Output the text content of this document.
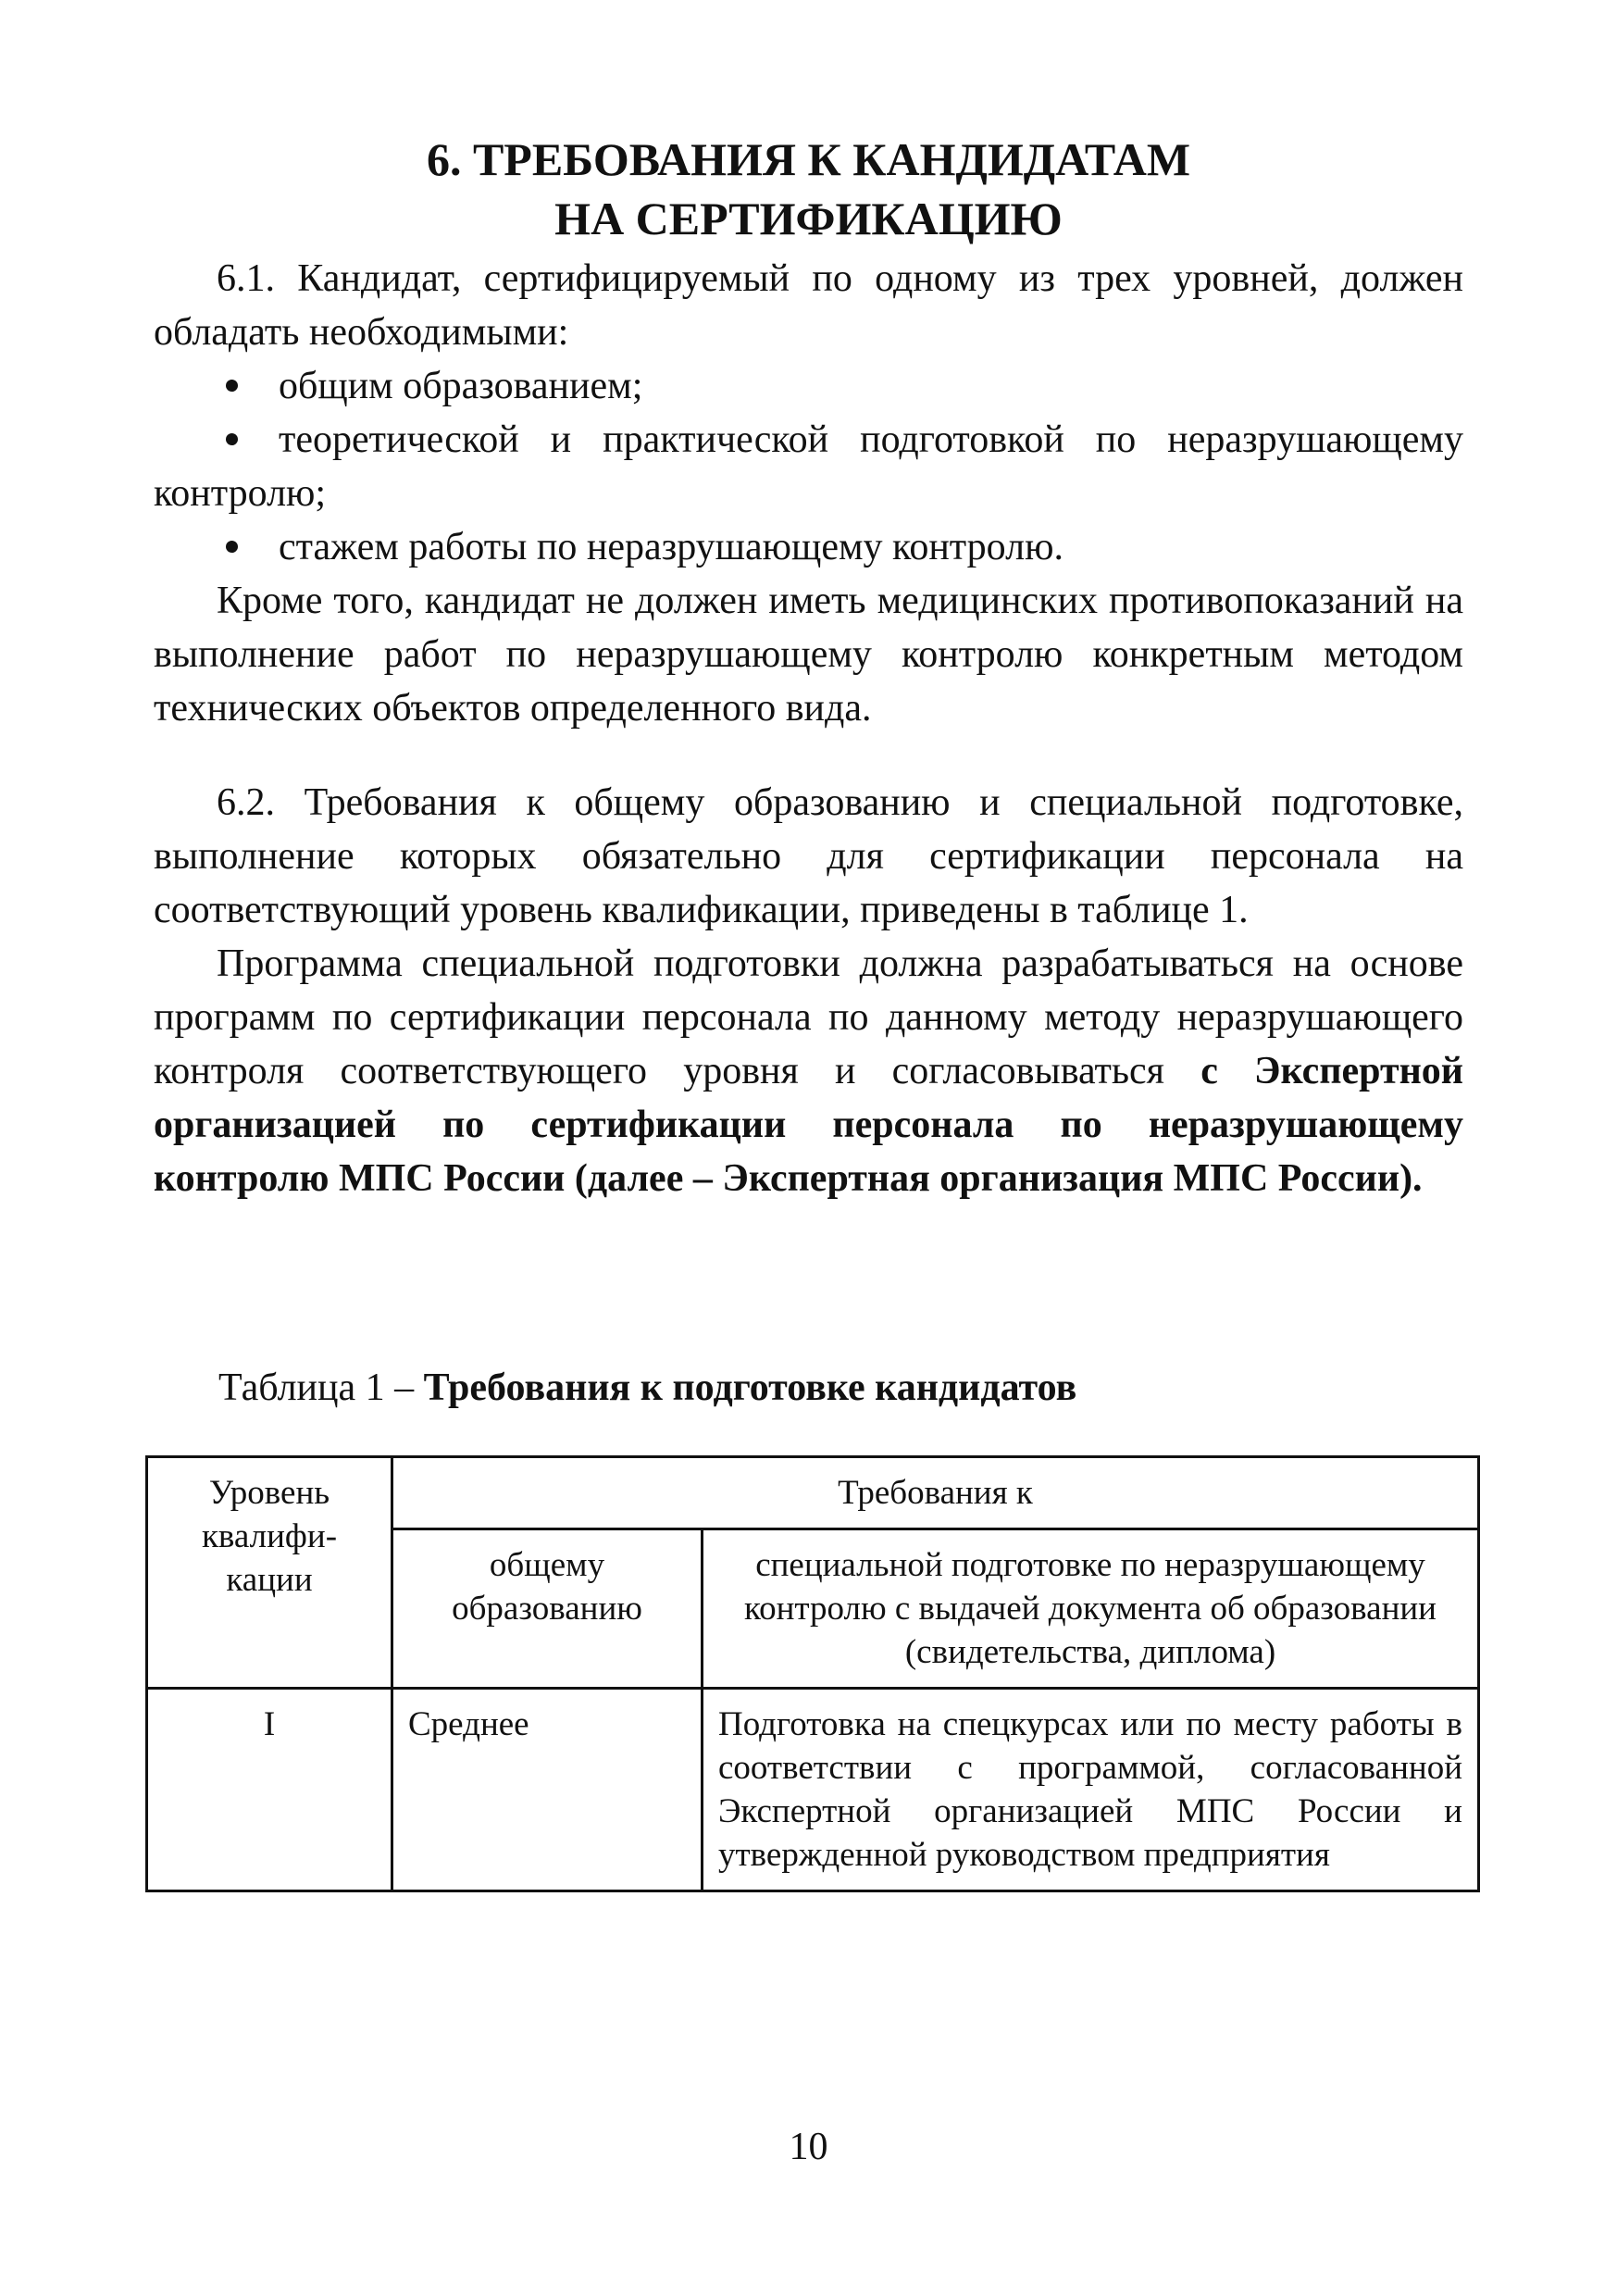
6. ТРЕБОВАНИЯ К КАНДИДАТАМ
НА СЕРТИФИКАЦИЮ

6.1. Кандидат, сертифицируемый по одному из трех уровней, должен обладать необходимыми:

общим образованием;
теоретической и практической подготовкой по неразрушающему контролю;
стажем работы по неразрушающему контролю.

Кроме того, кандидат не должен иметь медицинских противопоказаний на выполнение работ по неразрушающему контролю конкретным методом технических объектов определенного вида.

6.2. Требования к общему образованию и специальной подготовке, выполнение которых обязательно для сертификации персонала на соответствующий уровень квалификации, приведены в таблице 1.

Программа специальной подготовки должна разрабатываться на основе программ по сертификации персонала по данному методу неразрушающего контроля соответствующего уровня и согласовываться с Экспертной организацией по сертификации персонала по неразрушающему контролю МПС России (далее – Экспертная организация МПС России).

Таблица 1 – Требования к подготовке кандидатов
Уровень квалифи-кации	Требования к	
	общему образованию	специальной подготовке по неразрушающему контролю с выдачей документа об образовании (свидетельства, диплома)
I	Среднее	Подготовка на спецкурсах или по месту работы в соответствии с программой, согласованной Экспертной организацией МПС России и утвержденной руководством предприятия
10
